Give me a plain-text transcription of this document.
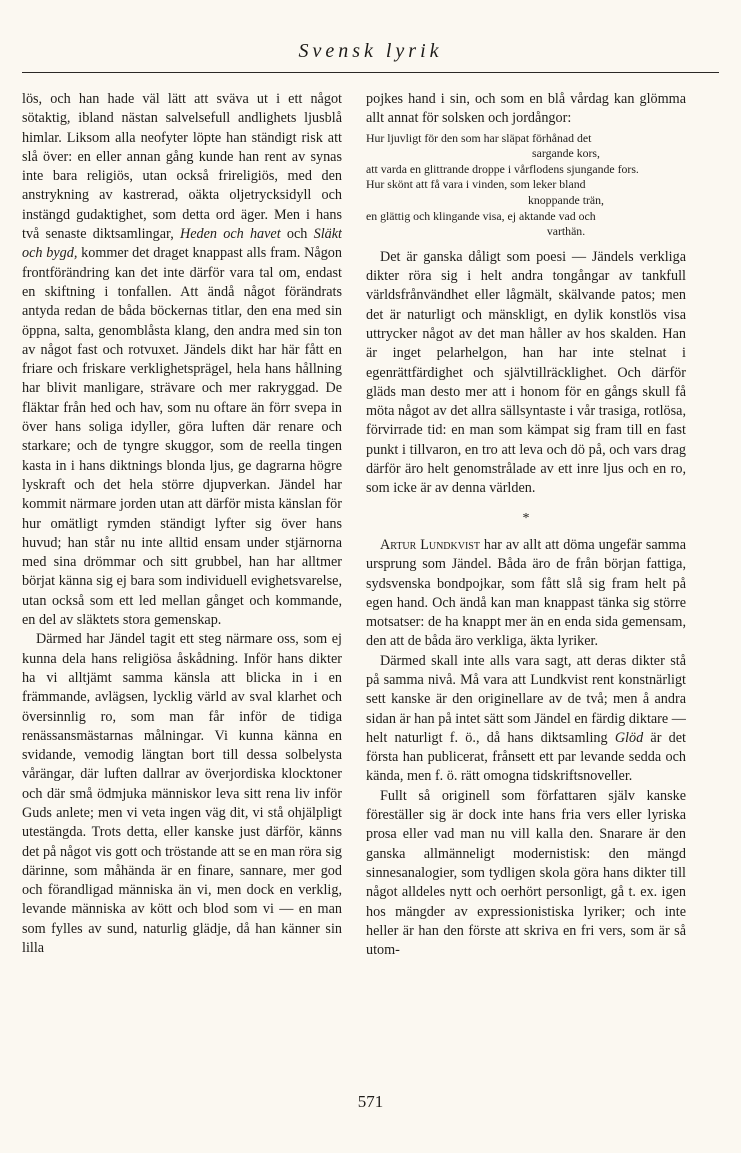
Svensk lyrik

lös, och han hade väl lätt att sväva ut i ett något sötaktig, ibland nästan salvelsefull andlighets ljusblå himlar. Liksom alla neofyter löpte han ständigt risk att slå över: en eller annan gång kunde han rent av synas inte bara religiös, utan också frireligiös, med den anstrykning av kastrerad, oäkta oljetrycksidyll och instängd gudaktighet, som detta ord äger. Men i hans två senaste diktsamlingar, Heden och havet och Släkt och bygd, kommer det draget knappast alls fram. Någon frontförändring kan det inte därför vara tal om, endast en skiftning i tonfallen. Att ändå något förändrats antyda redan de båda böckernas titlar, den ena med sin öppna, salta, genomblåsta klang, den andra med sin ton av något fast och rotvuxet. Jändels dikt har här fått en friare och friskare verklighetsprägel, hela hans hållning har blivit manligare, strävare och mer rakryggad. De fläktar från hed och hav, som nu oftare än förr svepa in över hans soliga idyller, göra luften där renare och starkare; och de tyngre skuggor, som de reella tingen kasta in i hans diktnings blonda ljus, ge dagrarna högre lyskraft och det hela större djupverkan. Jändel har kommit närmare jorden utan att därför mista känslan för hur omätligt rymden ständigt lyfter sig över hans huvud; han står nu inte alltid ensam under stjärnorna med sina drömmar och sitt grubbel, han har alltmer börjat känna sig ej bara som individuell evighetsvarelse, utan också som ett led mellan gånget och kommande, en del av släktets stora gemenskap.

Därmed har Jändel tagit ett steg närmare oss, som ej kunna dela hans religiösa åskådning. Inför hans dikter ha vi alltjämt samma känsla att blicka in i en främmande, avlägsen, lycklig värld av sval klarhet och översinnlig ro, som man får inför de tidiga renässansmästarnas målningar. Vi kunna känna en svidande, vemodig längtan bort till dessa solbelysta vårängar, där luften dallrar av överjordiska klocktoner och där små ödmjuka människor leva sitt rena liv inför Guds anlete; men vi veta ingen väg dit, vi stå ohjälpligt utestängda. Trots detta, eller kanske just därför, känns det på något vis gott och tröstande att se en man röra sig därinne, som måhända är en finare, sannare, mer god och förandligad människa än vi, men dock en verklig, levande människa av kött och blod som vi — en man som fylles av sund, naturlig glädje, då han känner sin lilla

pojkes hand i sin, och som en blå vårdag kan glömma allt annat för solsken och jordångor:

Hur ljuvligt för den som har släpat förhånad det
sargande kors,
att varda en glittrande droppe i vårflodens sjungande fors.
Hur skönt att få vara i vinden, som leker bland
knoppande trän,
en glättig och klingande visa, ej aktande vad och
varthän.

Det är ganska dåligt som poesi — Jändels verkliga dikter röra sig i helt andra tongångar av tankfull världsfrånvändhet eller lågmält, skälvande patos; men det är naturligt och mänskligt, en dylik konstlös visa uttrycker något av det man håller av hos skalden. Han är inget pelarhelgon, han har inte stelnat i egenrättfärdighet och självtillräcklighet. Och därför gläds man desto mer att i honom för en gångs skull få möta något av det allra sällsyntaste i vår trasiga, rotlösa, förvirrade tid: en man som kämpat sig fram till en fast punkt i tillvaron, en tro att leva och dö på, och vars drag därför äro helt genomstrålade av ett inre ljus och en ro, som icke är av denna världen.

*

Artur Lundkvist har av allt att döma ungefär samma ursprung som Jändel. Båda äro de från början fattiga, sydsvenska bondpojkar, som fått slå sig fram helt på egen hand. Och ändå kan man knappast tänka sig större motsatser: de ha knappt mer än en enda sida gemensam, den att de båda äro verkliga, äkta lyriker.

Därmed skall inte alls vara sagt, att deras dikter stå på samma nivå. Må vara att Lundkvist rent konstnärligt sett kanske är den originellare av de två; men å andra sidan är han på intet sätt som Jändel en färdig diktare — helt naturligt f. ö., då hans diktsamling Glöd är det första han publicerat, frånsett ett par levande sedda och kända, men f. ö. rätt omogna tidskriftsnoveller.

Fullt så originell som författaren själv kanske föreställer sig är dock inte hans fria vers eller lyriska prosa eller vad man nu vill kalla den. Snarare är den ganska allmänneligt modernistisk: den mängd sinnesanalogier, som tydligen skola göra hans dikter till något alldeles nytt och oerhört personligt, gå t. ex. igen hos mängder av expressionistiska lyriker; och inte heller är han den förste att skriva en fri vers, som är så utom-

571
